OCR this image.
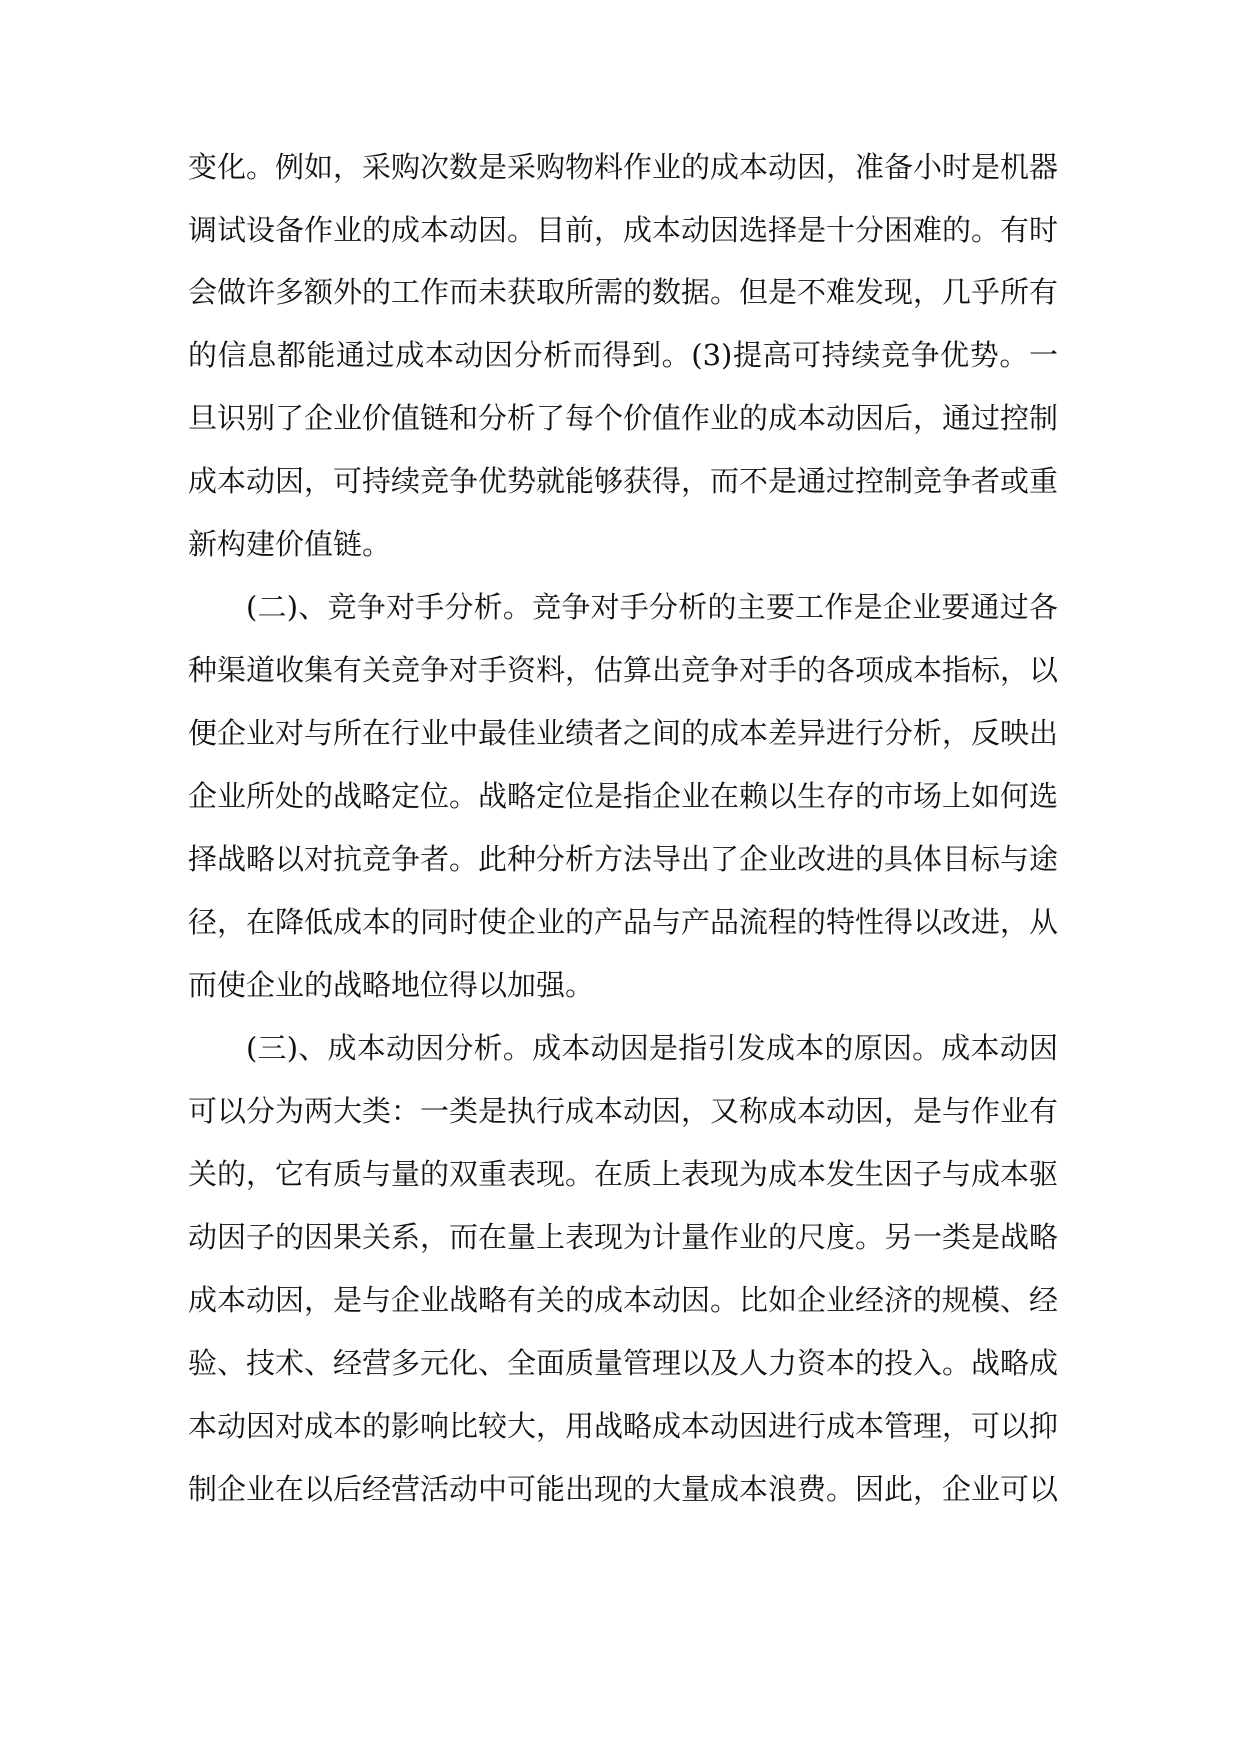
变化。例如，采购次数是采购物料作业的成本动因，准备小时是机器
调试设备作业的成本动因。目前，成本动因选择是十分困难的。有时
会做许多额外的工作而未获取所需的数据。但是不难发现，几乎所有
的信息都能通过成本动因分析而得到。(3)提高可持续竞争优势。一
旦识别了企业价值链和分析了每个价值作业的成本动因后，通过控制
成本动因，可持续竞争优势就能够获得，而不是通过控制竞争者或重
新构建价值链。
(二)、竞争对手分析。竞争对手分析的主要工作是企业要通过各
种渠道收集有关竞争对手资料，估算出竞争对手的各项成本指标，以
便企业对与所在行业中最佳业绩者之间的成本差异进行分析，反映出
企业所处的战略定位。战略定位是指企业在赖以生存的市场上如何选
择战略以对抗竞争者。此种分析方法导出了企业改进的具体目标与途
径，在降低成本的同时使企业的产品与产品流程的特性得以改进，从
而使企业的战略地位得以加强。
(三)、成本动因分析。成本动因是指引发成本的原因。成本动因
可以分为两大类：一类是执行成本动因，又称成本动因，是与作业有
关的，它有质与量的双重表现。在质上表现为成本发生因子与成本驱
动因子的因果关系，而在量上表现为计量作业的尺度。另一类是战略
成本动因，是与企业战略有关的成本动因。比如企业经济的规模、经
验、技术、经营多元化、全面质量管理以及人力资本的投入。战略成
本动因对成本的影响比较大，用战略成本动因进行成本管理，可以抑
制企业在以后经营活动中可能出现的大量成本浪费。因此，企业可以
